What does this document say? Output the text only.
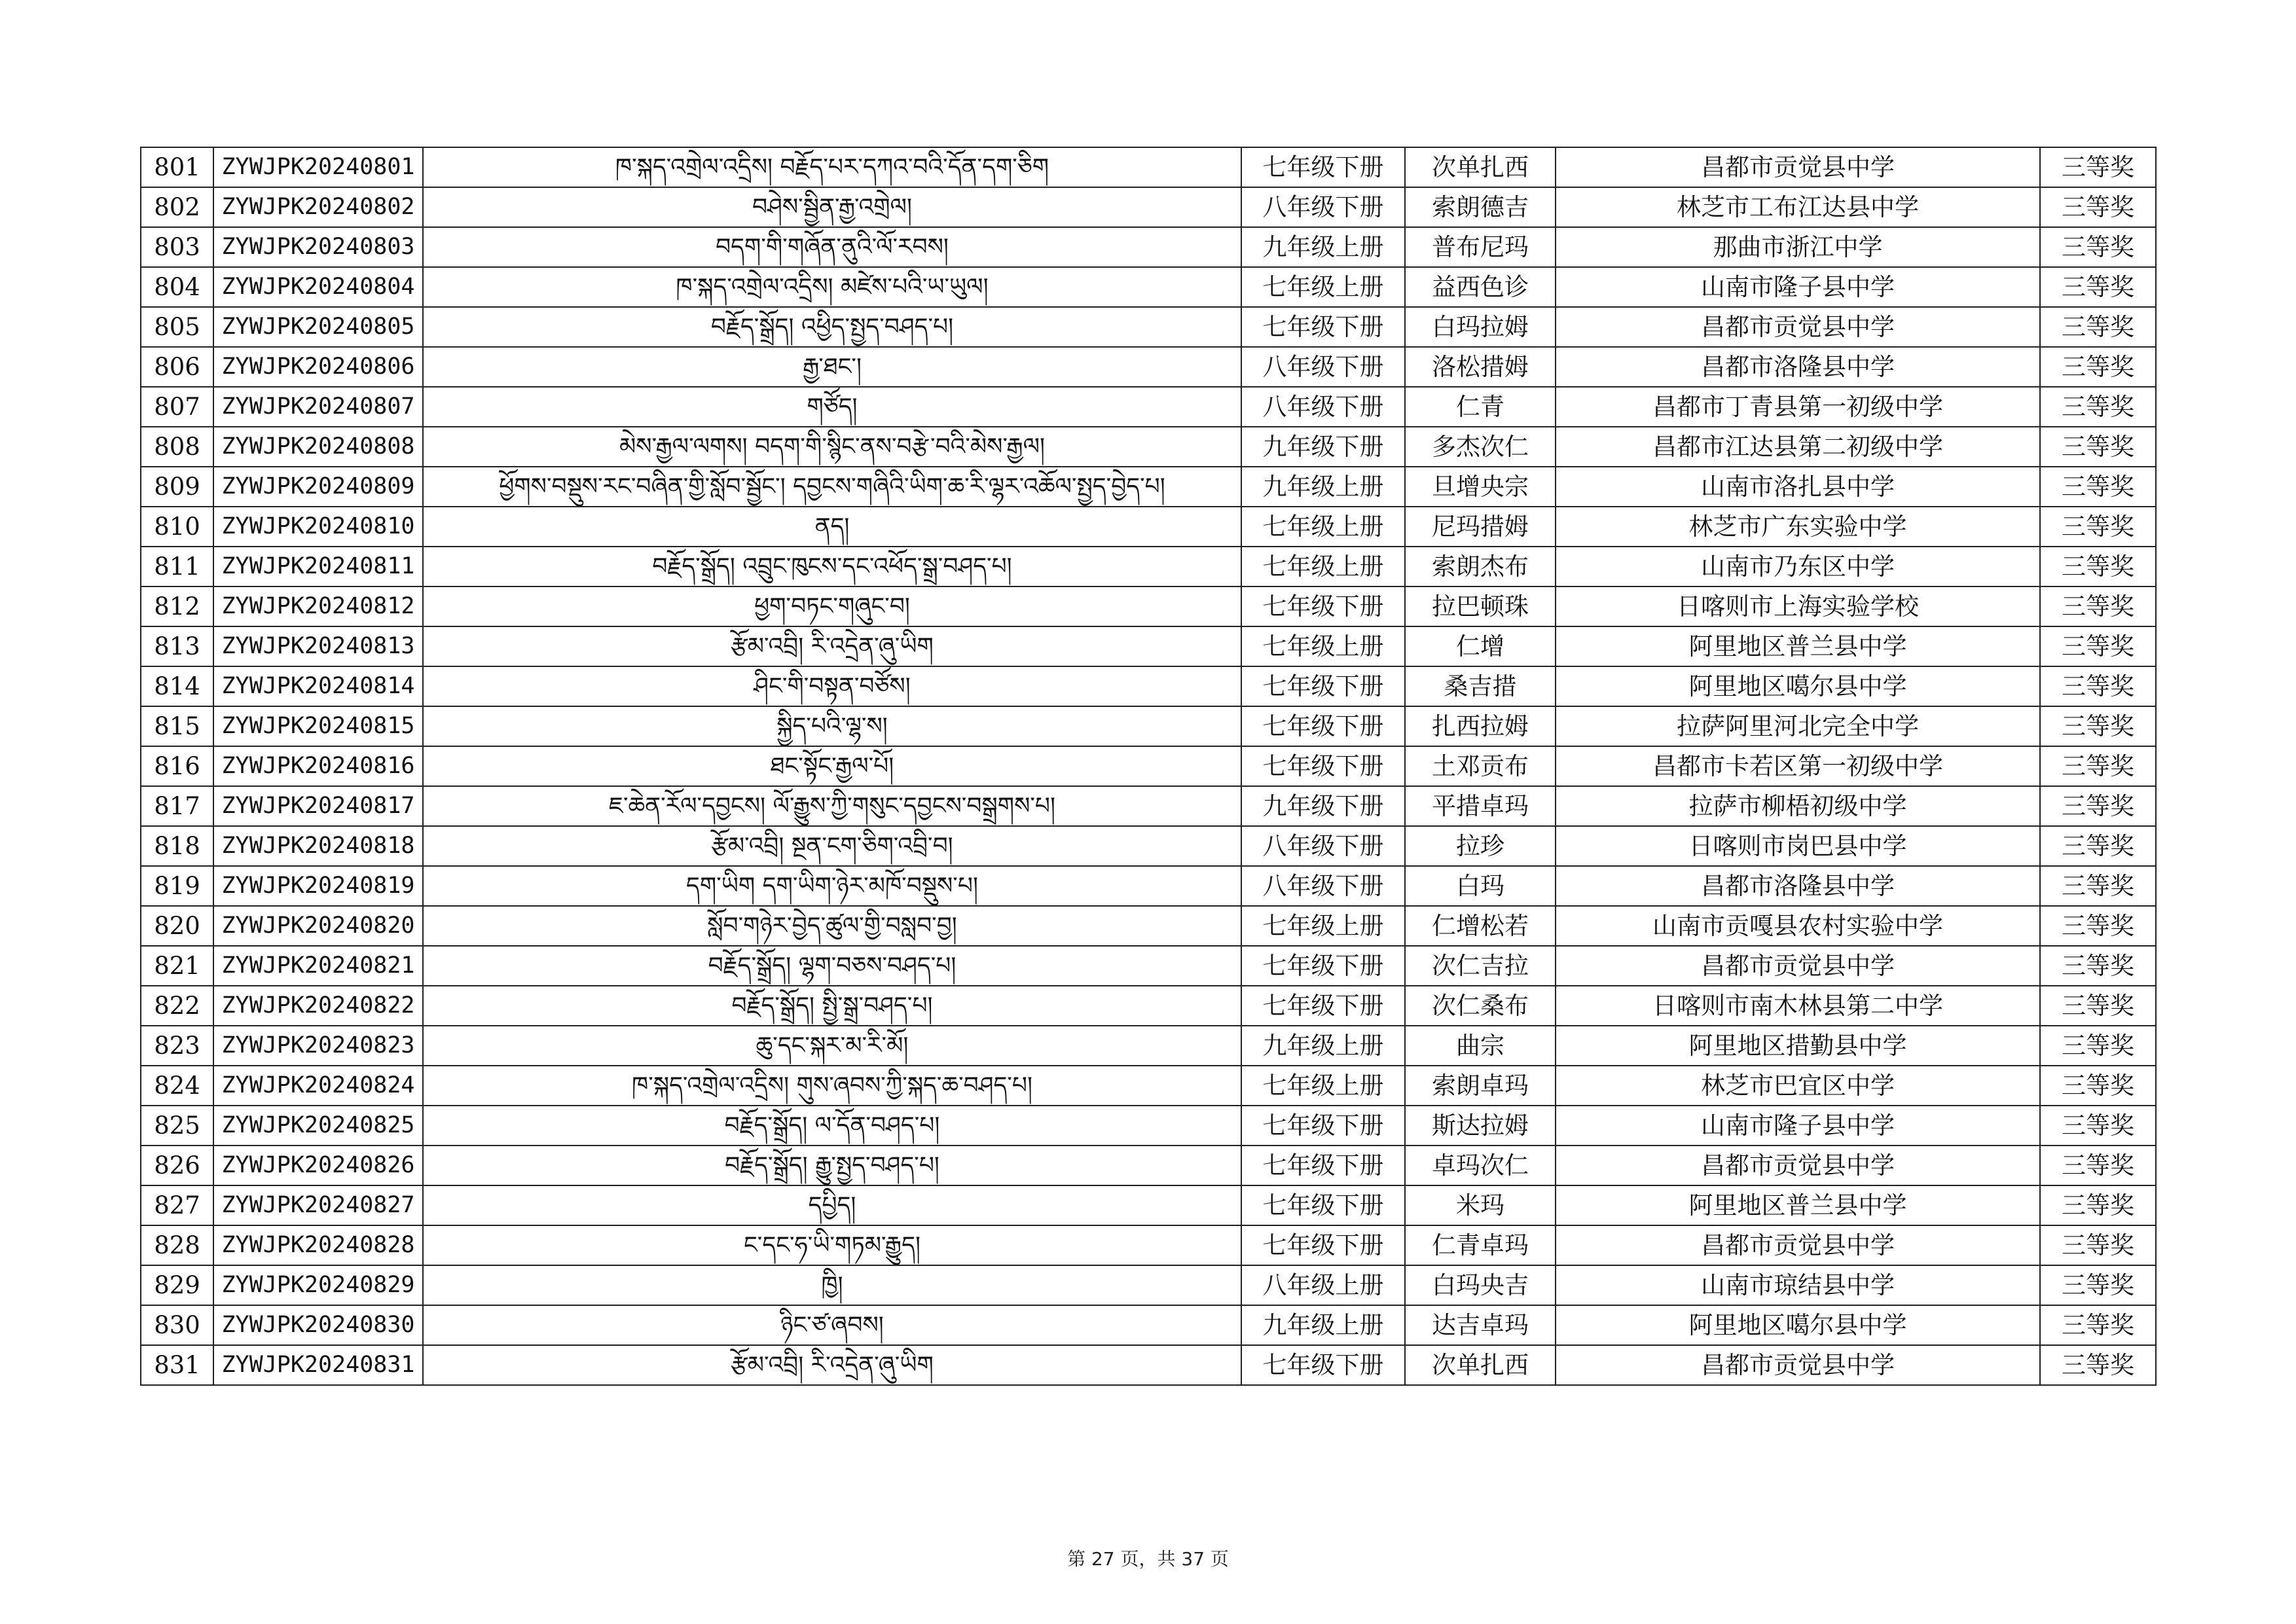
801	ZYWJPK20240801	ཁ་སྐད་འགྲེལ་འདྲིས། བརྗོད་པར་དཀའ་བའི་དོན་དག་ཅིག	七年级下册	次单扎西	昌都市贡觉县中学	三等奖
802	ZYWJPK20240802	བཤེས་སྦྱིན་རྒྱ་འགྲེལ།	八年级下册	索朗德吉	林芝市工布江达县中学	三等奖
803	ZYWJPK20240803	བདག་གི་གཞོན་ནུའི་ལོ་རབས།	九年级上册	普布尼玛	那曲市浙江中学	三等奖
804	ZYWJPK20240804	ཁ་སྐད་འགྲེལ་འདྲིས། མཛེས་པའི་ཡ་ཡུལ།	七年级上册	益西色诊	山南市隆子县中学	三等奖
805	ZYWJPK20240805	བརྗོད་སྒྲོད། འཕྱིད་སྤྱད་བཤད་པ།	七年级下册	白玛拉姆	昌都市贡觉县中学	三等奖
806	ZYWJPK20240806	རྒྱ་ཐང་།	八年级下册	洛松措姆	昌都市洛隆县中学	三等奖
807	ZYWJPK20240807	གཙོད།	八年级下册	仁青	昌都市丁青县第一初级中学	三等奖
808	ZYWJPK20240808	མེས་རྒྱལ་ལགས། བདག་གི་སྙིང་ནས་བརྩེ་བའི་མེས་རྒྱལ།	九年级下册	多杰次仁	昌都市江达县第二初级中学	三等奖
809	ZYWJPK20240809	ཕྱོགས་བསྡུས་རང་བཞིན་གྱི་སློབ་སྦྱོང་། དབྱངས་གཞིའི་ཡིག་ཆ་རི་ལྷར་འཆོལ་སྤྱད་བྱེད་པ།	九年级上册	旦增央宗	山南市洛扎县中学	三等奖
810	ZYWJPK20240810	ནད།	七年级上册	尼玛措姆	林芝市广东实验中学	三等奖
811	ZYWJPK20240811	བརྗོད་སྒྲོད། འབྲུང་ཁུངས་དང་འཕོད་སྒྲ་བཤད་པ།	七年级上册	索朗杰布	山南市乃东区中学	三等奖
812	ZYWJPK20240812	ཕྱག་བཏང་གཞུང་བ།	七年级下册	拉巴顿珠	日喀则市上海实验学校	三等奖
813	ZYWJPK20240813	རྩོམ་འབྲི། རི་འདྲེན་ཞུ་ཡིག	七年级上册	仁增	阿里地区普兰县中学	三等奖
814	ZYWJPK20240814	ཤིང་གི་བསྟན་བཙོས།	七年级下册	桑吉措	阿里地区噶尔县中学	三等奖
815	ZYWJPK20240815	སྐྱིད་པའི་ལྷ་ས།	七年级下册	扎西拉姆	拉萨阿里河北完全中学	三等奖
816	ZYWJPK20240816	ཐང་སྟོང་རྒྱལ་པོ།	七年级下册	土邓贡布	昌都市卡若区第一初级中学	三等奖
817	ZYWJPK20240817	ཇ་ཆེན་རོལ་དབྱངས། ལོ་རྒྱུས་ཀྱི་གསུང་དབྱངས་བསྒྲགས་པ།	九年级下册	平措卓玛	拉萨市柳梧初级中学	三等奖
818	ZYWJPK20240818	རྩོམ་འབྲི། སྔན་ངག་ཅིག་འབྲི་བ།	八年级下册	拉珍	日喀则市岗巴县中学	三等奖
819	ZYWJPK20240819	དག་ཡིག དག་ཡིག་ཉེར་མཁོ་བསྡུས་པ།	八年级下册	白玛	昌都市洛隆县中学	三等奖
820	ZYWJPK20240820	སློབ་གཉེར་བྱེད་ཚུལ་གྱི་བསླབ་བྱ།	七年级上册	仁增松若	山南市贡嘎县农村实验中学	三等奖
821	ZYWJPK20240821	བརྗོད་སྒྲོད། ལྷག་བཅས་བཤད་པ།	七年级下册	次仁吉拉	昌都市贡觉县中学	三等奖
822	ZYWJPK20240822	བརྗོད་སྒྲོད། སྤྱི་སྒྲ་བཤད་པ།	七年级下册	次仁桑布	日喀则市南木林县第二中学	三等奖
823	ZYWJPK20240823	ཆུ་དང་སྐར་མ་རི་མོ།	九年级上册	曲宗	阿里地区措勤县中学	三等奖
824	ZYWJPK20240824	ཁ་སྐད་འགྲེལ་འདྲིས། གུས་ཞབས་ཀྱི་སྐད་ཆ་བཤད་པ།	七年级上册	索朗卓玛	林芝市巴宜区中学	三等奖
825	ZYWJPK20240825	བརྗོད་སྒྲོད། ལ་དོན་བཤད་པ།	七年级下册	斯达拉姆	山南市隆子县中学	三等奖
826	ZYWJPK20240826	བརྗོད་སྒྲོད། རྒྱུ་སྤྱད་བཤད་པ།	七年级下册	卓玛次仁	昌都市贡觉县中学	三等奖
827	ZYWJPK20240827	དཔྱིད།	七年级下册	米玛	阿里地区普兰县中学	三等奖
828	ZYWJPK20240828	ང་དང་ཧ་ཡི་གཏམ་རྒྱུད།	七年级下册	仁青卓玛	昌都市贡觉县中学	三等奖
829	ZYWJPK20240829	ཁྱི།	八年级上册	白玛央吉	山南市琼结县中学	三等奖
830	ZYWJPK20240830	ཉིང་ཙ་ཞབས།	九年级上册	达吉卓玛	阿里地区噶尔县中学	三等奖
831	ZYWJPK20240831	རྩོམ་འབྲི། རི་འདྲེན་ཞུ་ཡིག	七年级下册	次单扎西	昌都市贡觉县中学	三等奖
第 27 页，共 37 页
